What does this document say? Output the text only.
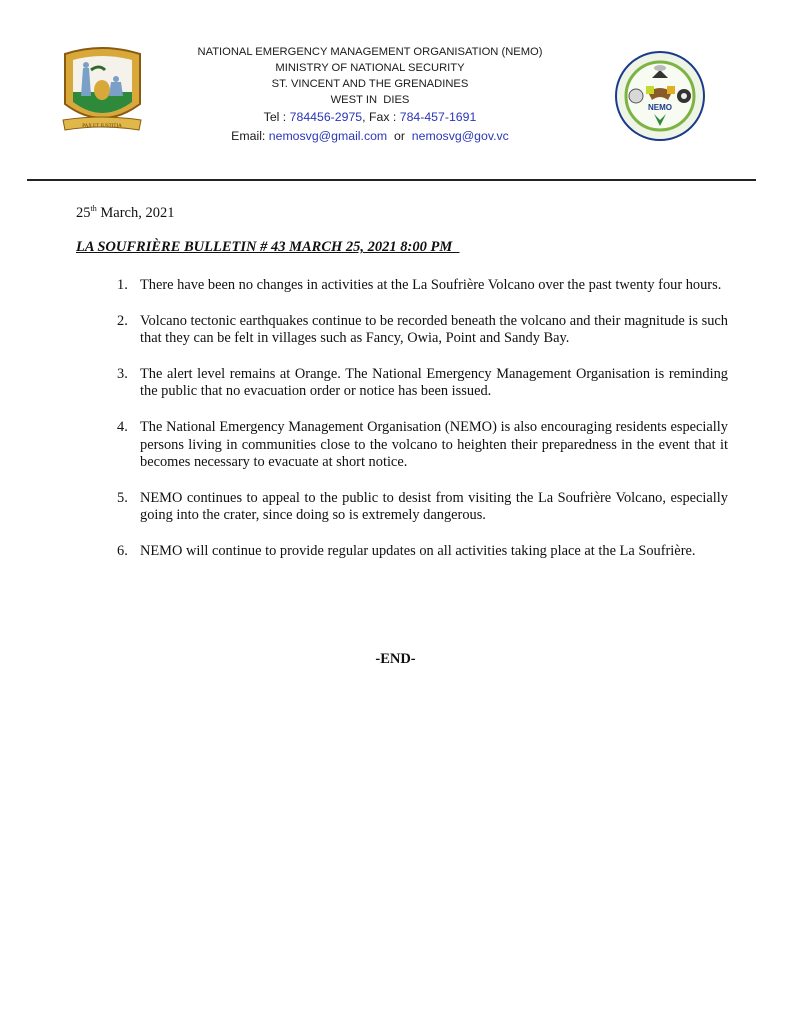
PAX ET JUSTITIA
NATIONAL EMERGENCY MANAGEMENT ORGANISATION (NEMO)
MINISTRY OF NATIONAL SECURITY
ST. VINCENT AND THE GRENADINES
WEST IN  DIES
Tel : 784456-2975, Fax : 784-457-1691
Email: nemosvg@gmail.com  or  nemosvg@gov.vc
NEMO
25th March, 2021
LA SOUFRIÈRE BULLETIN # 43 MARCH 25, 2021 8:00 PM
1. There have been no changes in activities at the La Soufrière Volcano over the past twenty four hours.
2. Volcano tectonic earthquakes continue to be recorded beneath the volcano and their magnitude is such that they can be felt in villages such as Fancy, Owia, Point and Sandy Bay.
3. The alert level remains at Orange. The National Emergency Management Organisation is reminding the public that no evacuation order or notice has been issued.
4. The National Emergency Management Organisation (NEMO) is also encouraging residents especially persons living in communities close to the volcano to heighten their preparedness in the event that it becomes necessary to evacuate at short notice.
5. NEMO continues to appeal to the public to desist from visiting the La Soufrière Volcano, especially going into the crater, since doing so is extremely dangerous.
6. NEMO will continue to provide regular updates on all activities taking place at the La Soufrière.
-END-
